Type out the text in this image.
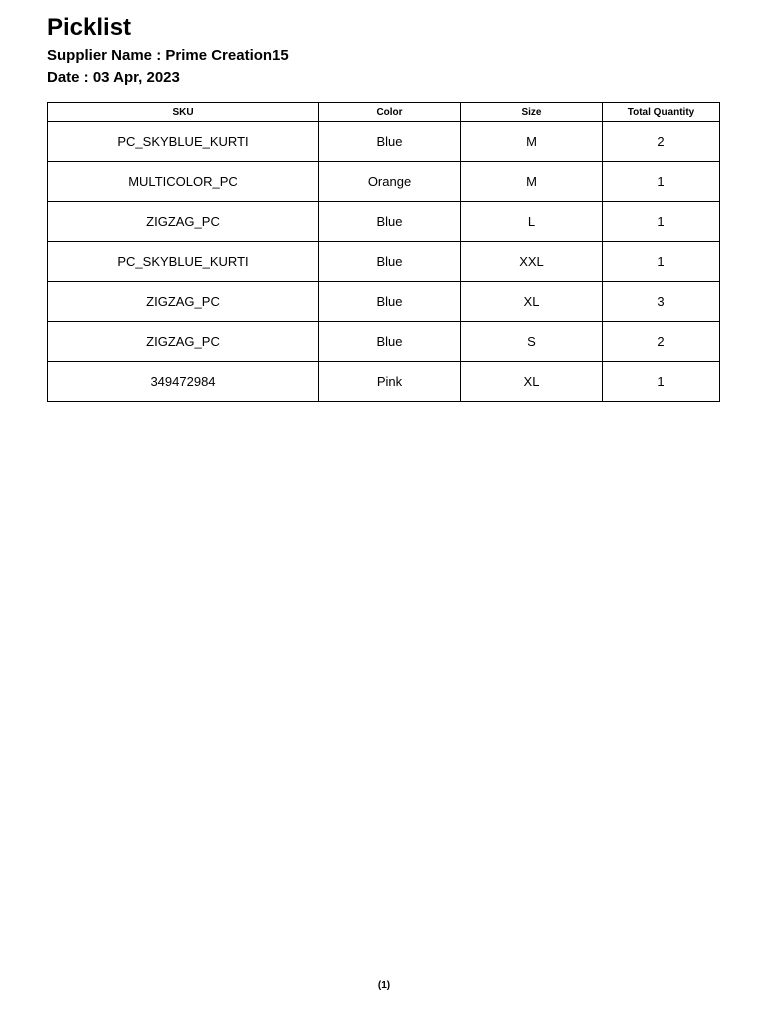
Picklist

Supplier Name : Prime Creation15

Date : 03 Apr, 2023

SKU	Color	Size	Total Quantity
PC_SKYBLUE_KURTI	Blue	M	2
MULTICOLOR_PC	Orange	M	1
ZIGZAG_PC	Blue	L	1
PC_SKYBLUE_KURTI	Blue	XXL	1
ZIGZAG_PC	Blue	XL	3
ZIGZAG_PC	Blue	S	2
349472984	Pink	XL	1
(1)
